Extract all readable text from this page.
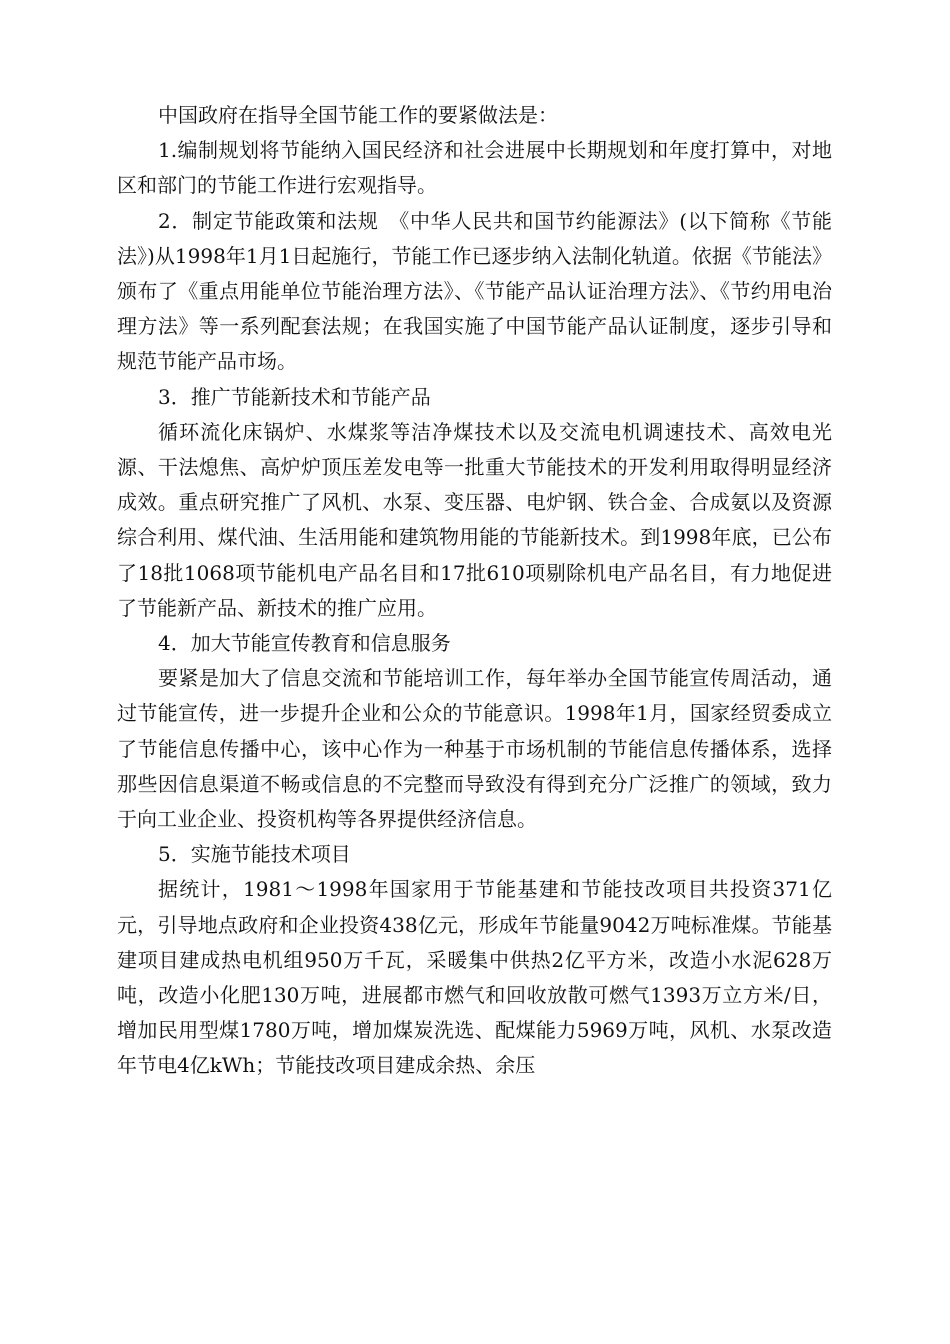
中国政府在指导全国节能工作的要紧做法是：

1.编制规划将节能纳入国民经济和社会进展中长期规划和年度打算中，对地区和部门的节能工作进行宏观指导。

2．制定节能政策和法规　《中华人民共和国节约能源法》(以下简称《节能法》)从1998年1月1日起施行，节能工作已逐步纳入法制化轨道。依据《节能法》颁布了《重点用能单位节能治理方法》、《节能产品认证治理方法》、《节约用电治理方法》等一系列配套法规；在我国实施了中国节能产品认证制度，逐步引导和规范节能产品市场。

3．推广节能新技术和节能产品

循环流化床锅炉、水煤浆等洁净煤技术以及交流电机调速技术、高效电光源、干法熄焦、高炉炉顶压差发电等一批重大节能技术的开发利用取得明显经济成效。重点研究推广了风机、水泵、变压器、电炉钢、铁合金、合成氨以及资源综合利用、煤代油、生活用能和建筑物用能的节能新技术。到1998年底，已公布了18批1068项节能机电产品名目和17批610项剔除机电产品名目，有力地促进了节能新产品、新技术的推广应用。

4．加大节能宣传教育和信息服务

要紧是加大了信息交流和节能培训工作，每年举办全国节能宣传周活动，通过节能宣传，进一步提升企业和公众的节能意识。1998年1月，国家经贸委成立了节能信息传播中心，该中心作为一种基于市场机制的节能信息传播体系，选择那些因信息渠道不畅或信息的不完整而导致没有得到充分广泛推广的领域，致力于向工业企业、投资机构等各界提供经济信息。

5．实施节能技术项目

据统计，1981～1998年国家用于节能基建和节能技改项目共投资371亿元，引导地点政府和企业投资438亿元，形成年节能量9042万吨标准煤。节能基建项目建成热电机组950万千瓦，采暖集中供热2亿平方米，改造小水泥628万吨，改造小化肥130万吨，进展都市燃气和回收放散可燃气1393万立方米/日，增加民用型煤1780万吨，增加煤炭洗选、配煤能力5969万吨，风机、水泵改造年节电4亿kWh；节能技改项目建成余热、余压
